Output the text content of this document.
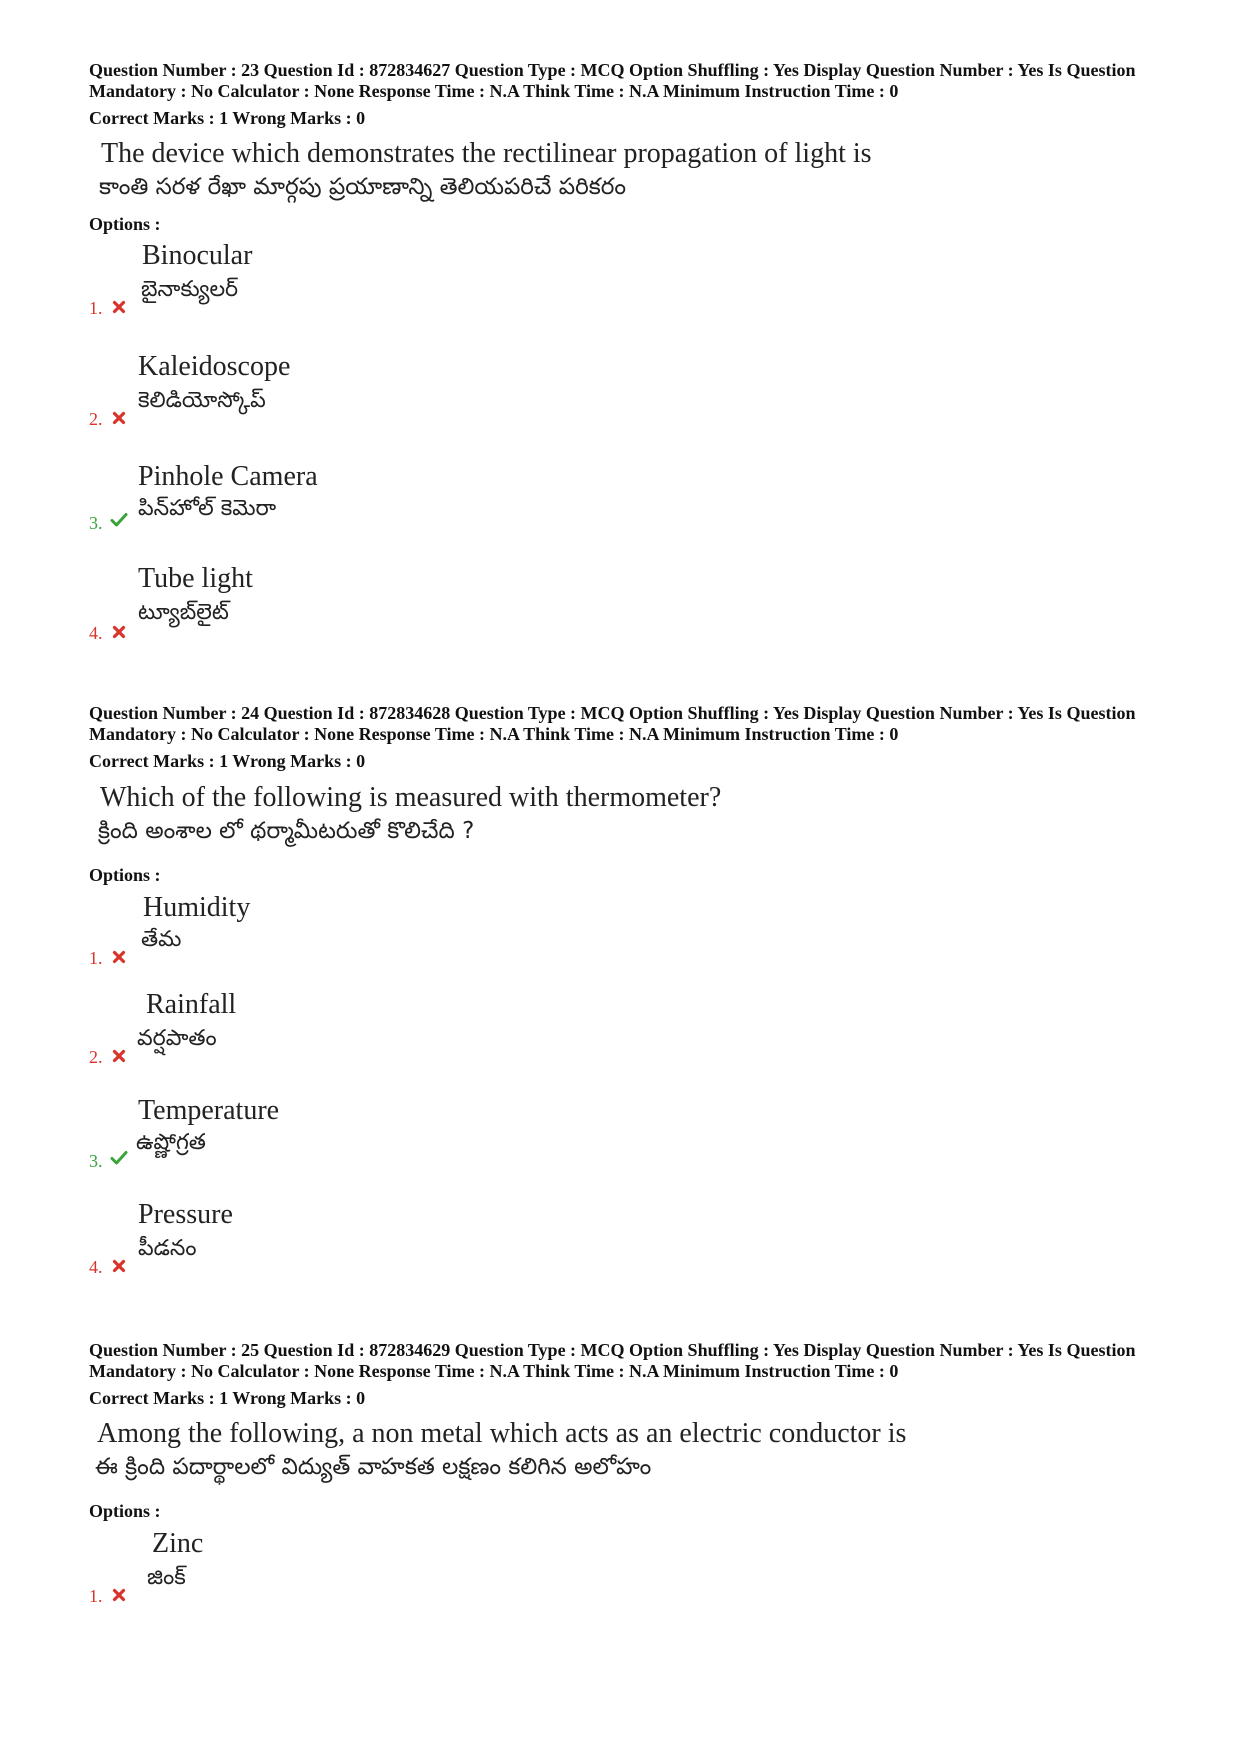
Question Number : 23 Question Id : 872834627 Question Type : MCQ Option Shuffling : Yes Display Question Number : Yes Is Question Mandatory : No Calculator : None Response Time : N.A Think Time : N.A Minimum Instruction Time : 0
Correct Marks : 1 Wrong Marks : 0
The device which demonstrates the rectilinear propagation of light is
కాంతి సరళ రేఖా మార్గపు ప్రయాణాన్ని తెలియపరిచే పరికరం
Options :
Binocular
బైనాక్యులర్
1.
Kaleidoscope
కెలిడియోస్కోప్
2.
Pinhole Camera
పిన్‌హోల్ కెమెరా
3.
Tube light
ట్యూబ్‌లైట్
4.
Question Number : 24 Question Id : 872834628 Question Type : MCQ Option Shuffling : Yes Display Question Number : Yes Is Question Mandatory : No Calculator : None Response Time : N.A Think Time : N.A Minimum Instruction Time : 0
Correct Marks : 1 Wrong Marks : 0
Which of the following is measured with thermometer?
క్రింది అంశాల లో థర్మామీటరుతో కొలిచేది ?
Options :
Humidity
తేమ
1.
Rainfall
వర్షపాతం
2.
Temperature
ఉష్ణోగ్రత
3.
Pressure
పీడనం
4.
Question Number : 25 Question Id : 872834629 Question Type : MCQ Option Shuffling : Yes Display Question Number : Yes Is Question Mandatory : No Calculator : None Response Time : N.A Think Time : N.A Minimum Instruction Time : 0
Correct Marks : 1 Wrong Marks : 0
Among the following, a non metal which acts as an electric conductor is
ఈ క్రింది పదార్థాలలో విద్యుత్ వాహకత లక్షణం కలిగిన అలోహం
Options :
Zinc
జింక్
1.
